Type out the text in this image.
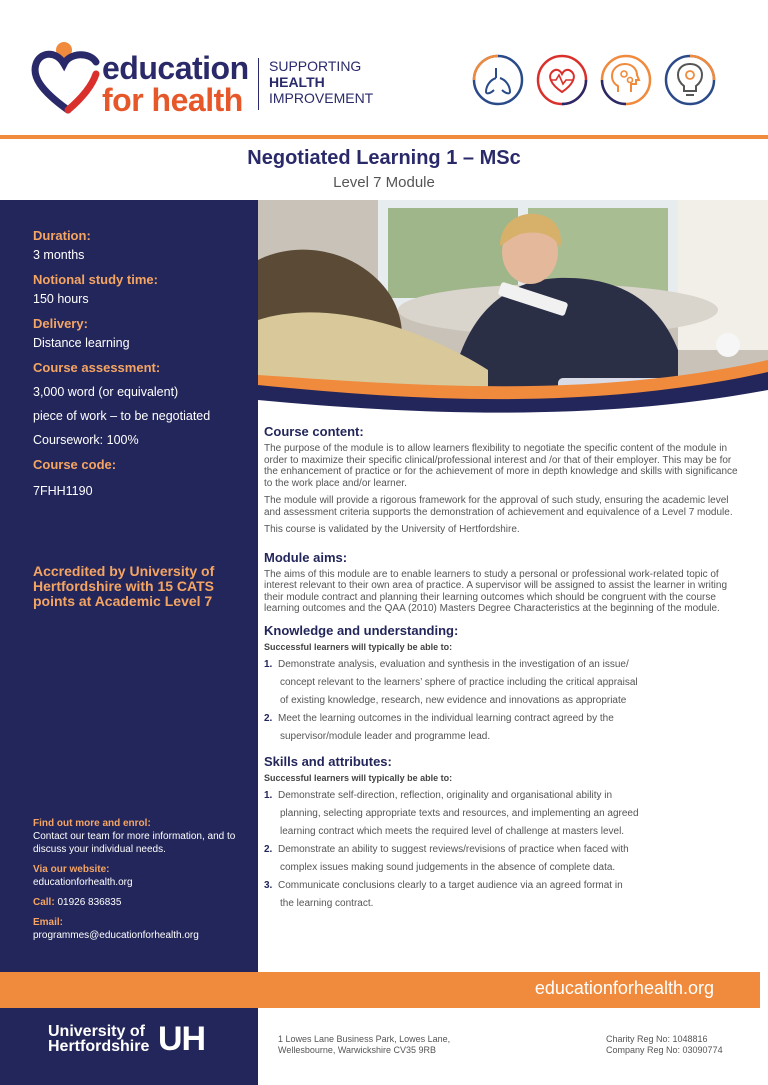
education
for health
SUPPORTING
HEALTH
IMPROVEMENT
Negotiated Learning 1 – MSc
Level 7 Module
Duration:
3 months
Notional study time:
150 hours
Delivery:
Distance learning
Course assessment:
3,000 word (or equivalent)
piece of work – to be negotiated
Coursework: 100%
Course code:
7FHH1190
Accredited by University of Hertfordshire with 15 CATS points at Academic Level 7
Find out more and enrol:
Contact our team for more information, and to discuss your individual needs.
Via our website:
educationforhealth.org
Call: 01926 836835
Email:
programmes@educationforhealth.org
Course content:
The purpose of the module is to allow learners flexibility to negotiate the specific content of the module in order to maximize their specific clinical/professional interest and /or that of their employer. This may be for the enhancement of practice or for the achievement of more in depth knowledge and skills with significance to the work place and/or learner.
The module will provide a rigorous framework for the approval of such study, ensuring the academic level and assessment criteria supports the demonstration of achievement and equivalence of a Level 7 module.
This course is validated by the University of Hertfordshire.
Module aims:
The aims of this module are to enable learners to study a personal or professional work-related topic of interest relevant to their own area of practice. A supervisor will be assigned to assist the learner in writing their module contract and planning their learning outcomes which should be congruent with the course learning outcomes and the QAA (2010) Masters Degree Characteristics at the beginning of the module.
Knowledge and understanding:
Successful learners will typically be able to:
1. Demonstrate analysis, evaluation and synthesis in the investigation of an issue/
concept relevant to the learners’ sphere of practice including the critical appraisal
of existing knowledge, research, new evidence and innovations as appropriate
2. Meet the learning outcomes in the individual learning contract agreed by the
supervisor/module leader and programme lead.
Skills and attributes:
Successful learners will typically be able to:
1. Demonstrate self-direction, reflection, originality and organisational ability in
planning, selecting appropriate texts and resources, and implementing an agreed
learning contract which meets the required level of challenge at masters level.
2. Demonstrate an ability to suggest reviews/revisions of practice when faced with
complex issues making sound judgements in the absence of complete data.
3. Communicate conclusions clearly to a target audience via an agreed format in
the learning contract.
educationforhealth.org
University of
Hertfordshire UH	1 Lowes Lane Business Park, Lowes Lane,
Wellesbourne, Warwickshire CV35 9RB
Charity Reg No: 1048816
Company Reg No: 03090774
